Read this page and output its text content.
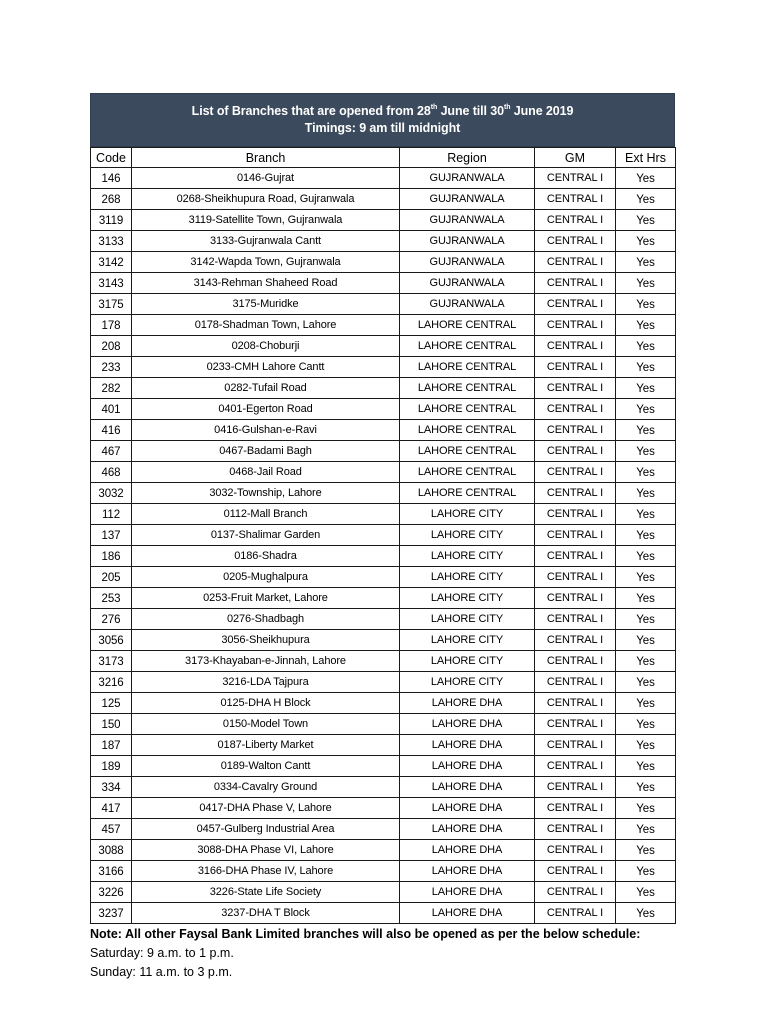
List of Branches that are opened from 28th June till 30th June 2019
Timings: 9 am till midnight
Code	Branch	Region	GM	Ext Hrs
146	0146-Gujrat	GUJRANWALA	CENTRAL I	Yes
268	0268-Sheikhupura Road, Gujranwala	GUJRANWALA	CENTRAL I	Yes
3119	3119-Satellite Town, Gujranwala	GUJRANWALA	CENTRAL I	Yes
3133	3133-Gujranwala Cantt	GUJRANWALA	CENTRAL I	Yes
3142	3142-Wapda Town, Gujranwala	GUJRANWALA	CENTRAL I	Yes
3143	3143-Rehman Shaheed Road	GUJRANWALA	CENTRAL I	Yes
3175	3175-Muridke	GUJRANWALA	CENTRAL I	Yes
178	0178-Shadman Town, Lahore	LAHORE CENTRAL	CENTRAL I	Yes
208	0208-Choburji	LAHORE CENTRAL	CENTRAL I	Yes
233	0233-CMH Lahore Cantt	LAHORE CENTRAL	CENTRAL I	Yes
282	0282-Tufail Road	LAHORE CENTRAL	CENTRAL I	Yes
401	0401-Egerton Road	LAHORE CENTRAL	CENTRAL I	Yes
416	0416-Gulshan-e-Ravi	LAHORE CENTRAL	CENTRAL I	Yes
467	0467-Badami Bagh	LAHORE CENTRAL	CENTRAL I	Yes
468	0468-Jail Road	LAHORE CENTRAL	CENTRAL I	Yes
3032	3032-Township, Lahore	LAHORE CENTRAL	CENTRAL I	Yes
112	0112-Mall Branch	LAHORE CITY	CENTRAL I	Yes
137	0137-Shalimar Garden	LAHORE CITY	CENTRAL I	Yes
186	0186-Shadra	LAHORE CITY	CENTRAL I	Yes
205	0205-Mughalpura	LAHORE CITY	CENTRAL I	Yes
253	0253-Fruit Market, Lahore	LAHORE CITY	CENTRAL I	Yes
276	0276-Shadbagh	LAHORE CITY	CENTRAL I	Yes
3056	3056-Sheikhupura	LAHORE CITY	CENTRAL I	Yes
3173	3173-Khayaban-e-Jinnah, Lahore	LAHORE CITY	CENTRAL I	Yes
3216	3216-LDA Tajpura	LAHORE CITY	CENTRAL I	Yes
125	0125-DHA H Block	LAHORE DHA	CENTRAL I	Yes
150	0150-Model Town	LAHORE DHA	CENTRAL I	Yes
187	0187-Liberty Market	LAHORE DHA	CENTRAL I	Yes
189	0189-Walton Cantt	LAHORE DHA	CENTRAL I	Yes
334	0334-Cavalry Ground	LAHORE DHA	CENTRAL I	Yes
417	0417-DHA Phase V, Lahore	LAHORE DHA	CENTRAL I	Yes
457	0457-Gulberg Industrial Area	LAHORE DHA	CENTRAL I	Yes
3088	3088-DHA Phase VI, Lahore	LAHORE DHA	CENTRAL I	Yes
3166	3166-DHA Phase IV, Lahore	LAHORE DHA	CENTRAL I	Yes
3226	3226-State Life Society	LAHORE DHA	CENTRAL I	Yes
3237	3237-DHA T Block	LAHORE DHA	CENTRAL I	Yes
Note: All other Faysal Bank Limited branches will also be opened as per the below schedule:
Saturday: 9 a.m. to 1 p.m.
Sunday: 11 a.m. to 3 p.m.
